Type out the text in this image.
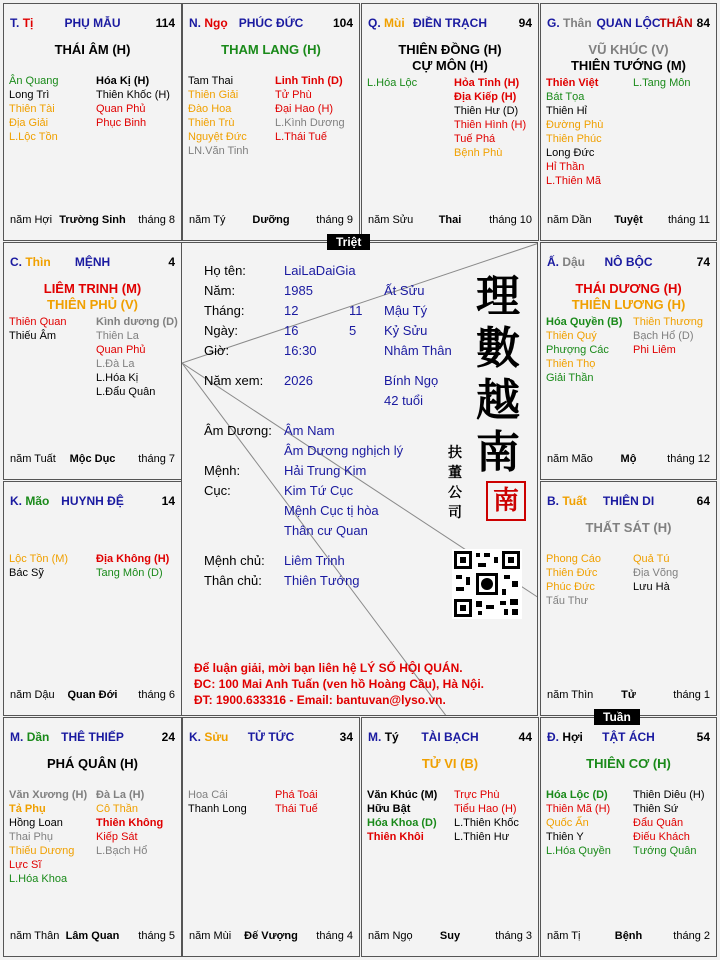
PHỤ MẪU
T. Tị	114
THÁI ÂM (H)
Ân Quang
Long Trì
Thiên Tài
Địa Giải
L.Lộc Tồn
Hóa Kị (H)
Thiên Khốc (H)
Quan Phủ
Phục Binh
năm Hợi Trường Sinh	tháng 8
PHÚC ĐỨC
N. Ngọ	104
THAM LANG (H)
Tam Thai
Thiên Giải
Đào Hoa
Thiên Trù
Nguyệt Đức
LN.Văn Tinh
Linh Tinh (D)
Tử Phù
Đại Hao (H)
L.Kình Dương
L.Thái Tuế
năm Tý	Dưỡng	tháng 9
ĐIỀN TRẠCH
Q. Mùi	94
THIÊN ĐỒNG (H)
CỰ MÔN (H)
L.Hóa Lộc	Hỏa Tinh (H)
Địa Kiếp (H)
Thiên Hư (D)
Thiên Hình (H)
Tuế Phá
Bệnh Phù
năm Sửu	Thai	tháng 10
QUAN LỘC
G. Thân	THÂN 84
VŨ KHÚC (V)
THIÊN TƯỚNG (M)
Thiên Việt
Bát Tọa
Thiên Hỉ
Đường Phù
Thiên Phúc
Long Đức
Hỉ Thần
L.Thiên Mã
L.Tang Môn
năm Dần	Tuyệt	tháng 11
MỆNH
C. Thìn	4
LIÊM TRINH (M)
THIÊN PHỦ (V)
Thiên Quan
Thiếu Âm
Kình dương (D)
Thiên La
Quan Phủ
L.Đà La
L.Hóa Kị
L.Đẩu Quân
năm Tuất	Mộc Dục	tháng 7
NÔ BỘC
Ấ. Dậu	74
THÁI DƯƠNG (H)
THIÊN LƯƠNG (H)
Hóa Quyền (B)
Thiên Quý
Phượng Các
Thiên Thọ
Giải Thần
Thiên Thương
Bạch Hổ (D)
Phi Liêm
năm Mão	Mộ	tháng 12
HUYNH ĐỆ
K. Mão	14
Lộc Tồn (M)
Bác Sỹ
Địa Không (H)
Tang Môn (D)
năm Dậu	Quan Đới	tháng 6
THIÊN DI
B. Tuất	64
THẤT SÁT (H)
Phong Cáo
Thiên Đức
Phúc Đức
Tấu Thư
Quả Tú
Địa Võng
Lưu Hà
năm Thìn	Tử	tháng 1
THÊ THIẾP
M. Dần	24
PHÁ QUÂN (H)
Văn Xương (H)
Tả Phụ
Hồng Loan
Thai Phụ
Thiếu Dương
Lực Sĩ
L.Hóa Khoa
Đà La (H)
Cô Thần
Thiên Không
Kiếp Sát
L.Bạch Hổ
năm Thân Lâm Quan	tháng 5
TỬ TỨC
K. Sửu	34
Hoa Cái
Thanh Long
Phá Toái
Thái Tuế
năm Mùi	Đế Vượng	tháng 4
TÀI BẠCH
M. Tý	44
TỬ VI (B)
Văn Khúc (M)
Hữu Bật
Hóa Khoa (D)
Thiên Khôi
Trực Phù
Tiểu Hao (H)
L.Thiên Khốc
L.Thiên Hư
năm Ngọ	Suy	tháng 3
TẬT ÁCH
Đ. Hợi	54
THIÊN CƠ (H)
Hóa Lộc (D)
Thiên Mã (H)
Quốc Ấn
Thiên Y
L.Hóa Quyền
Thiên Diêu (H)
Thiên Sứ
Đẩu Quân
Điếu Khách
Tướng Quân
năm Tị	Bệnh	tháng 2
Họ tên:	LaiLaDaiGia
Năm:	1985	Ất Sửu
Tháng:	12	11 Mậu Tý
Ngày:	16	5 Kỷ Sửu
Giờ:	16:30	Nhâm Thân
Năm xem: 2026	Bính Ngọ
42 tuổi
Âm Dương: Âm Nam
Âm Dương nghịch lý
Mệnh:	Hải Trung Kim
Cục:	Kim Tứ Cục
Mệnh Cục tị hòa
Thân cư Quan
Mệnh chủ: Liêm Trinh
Thân chủ: Thiên Tướng
理
數
越
南
扶 董 公 司 南
Để luận giải, mời bạn liên hệ LÝ SỐ HỘI QUÁN.
ĐC: 100 Mai Anh Tuấn (ven hồ Hoàng Cầu), Hà Nội.
ĐT: 1900.633316 - Email: bantuvan@lyso.vn.
Triệt
Tuần
